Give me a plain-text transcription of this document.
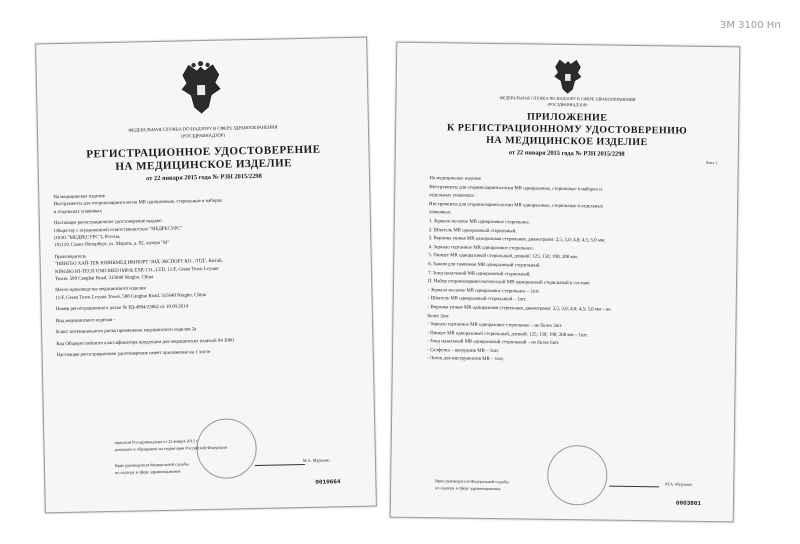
3M 3100 Hп
ФЕДЕРАЛЬНАЯ СЛУЖБА ПО НАДЗОРУ В СФЕРЕ ЗДРАВООХРАНЕНИЯ
(РОСЗДРАВНАДЗОР)
РЕГИСТРАЦИОННОЕ УДОСТОВЕРЕНИЕ
НА МЕДИЦИНСКОЕ ИЗДЕЛИЕ
от 22 января 2015 года № РЗН 2015/2298
На медицинское изделие
Инструменты для оториноларингологии MR одноразовые, стерильные в наборах
и отдельных упаковках
Настоящее регистрационное удостоверение выдано
Обществу с ограниченной ответственностью "МЕДРЕСУРС"
(ООО "МЕДРЕСУРС"), Россия,
191119, Санкт-Петербург, ул. Марата, д. 82, литера "М"
Производитель
"НИНГБО ХАЙ-ТЕК ЮНИКМЕД ИМПОРТ ЭНД ЭКСПОРТ КО., ЛТД", Китай,
NINGBO HI-TECH UNICMED IMP.& EXP. CO., LTD, 11/F, Green Town Lvyuan
Tower, 588 Canghai Road, 315040 Ningbo, China
Место производства медицинского изделия
11/F, Green Town Lvyuan Tower, 588 Canghai Road, 315040 Ningbo, China
Номер регистрационного досье № РД-4904/23662 от 10.09.2014
Вид медицинского изделия -
Класс потенциального риска применения медицинского изделия 2а
Код Общероссийского классификатора продукции для медицинских изделий 94 3000
Настоящее регистрационное удостоверение имеет приложение на 1 листе
приказом Росздравнадзора от 22 января 2015 г
допущено к обращению на территории Российской Федерации
Врио руководителя Федеральной службы
по надзору в сфере здравоохранения
М.А. Мурашко
0010664
ФЕДЕРАЛЬНАЯ СЛУЖБА ПО НАДЗОРУ В СФЕРЕ ЗДРАВООХРАНЕНИЯ
(РОСЗДРАВНАДЗОР)
ПРИЛОЖЕНИЕ
К РЕГИСТРАЦИОННОМУ УДОСТОВЕРЕНИЮ
НА МЕДИЦИНСКОЕ ИЗДЕЛИЕ
от 22 января 2015 года № РЗН 2015/2298
Лист 1
На медицинское изделие
Инструменты для оториноларингологии MR одноразовые, стерильные в наборах и
отдельных упаковках:
Инструменты для оториноларингологии MR одноразовые, стерильные в отдельных
упаковках:
1. Зеркало носовое MR одноразовое стерильное.
2. Шпатель MR одноразовый стерильный.
3. Воронка ушная MR одноразовая стерильная, диаметрами: 2,5; 3,0; 4,0; 4,5; 5,0 мм.
4. Зеркало гортанное MR одноразовое стерильное.
5. Пинцет MR одноразовый стерильный, длиной: 125; 150; 190; 200 мм.
6. Зажим для тампонов MR одноразовый стерильный.
7. Зонд назальный MR одноразовый стерильный.
II. Набор оториноларингологический MR одноразовый стерильный в составе:
- Зеркало носовое MR одноразовое стерильное – 1шт.
- Шпатель MR одноразовый стерильный – 1шт.
- Воронка ушная MR одноразовая стерильная, диаметрами: 2,5; 3,0; 4,0; 4,5; 5,0 мм – не
более 2шт.
- Зеркало гортанное MR одноразовое стерильное – не более 2шт.
- Пинцет MR одноразовый стерильный, длиной: 125; 150; 190; 200 мм – 1шт.
- Зонд назальный MR одноразовый стерильный – не более 6шт.
- Салфетка – нагрудник MR – 1шт.
- Лоток для инструментов MR – 1шт.
Врио руководителя Федеральной службы
по надзору в сфере здравоохранения
М.А. Мурашко
0003801
